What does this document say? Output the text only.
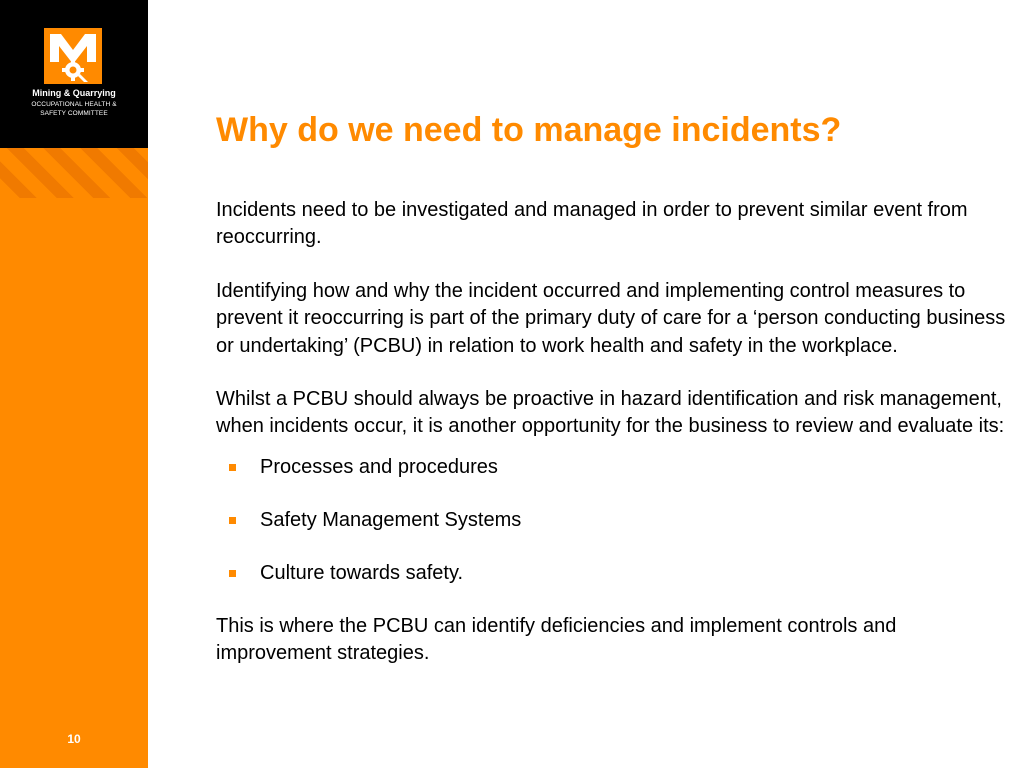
Mining & Quarrying
OCCUPATIONAL HEALTH &
SAFETY COMMITTEE
10
Why do we need to manage incidents?

Incidents need to be investigated and managed in order to prevent similar event from reoccurring.

Identifying how and why the incident occurred and implementing control measures to prevent it reoccurring is part of the primary duty of care for a ‘person conducting business or undertaking’ (PCBU) in relation to work health and safety in the workplace.

Whilst a PCBU should always be proactive in hazard identification and risk management, when incidents occur, it is another opportunity for the business to review and evaluate its:

Processes and procedures
Safety Management Systems
Culture towards safety.

This is where the PCBU can identify deficiencies and implement controls and improvement strategies.
